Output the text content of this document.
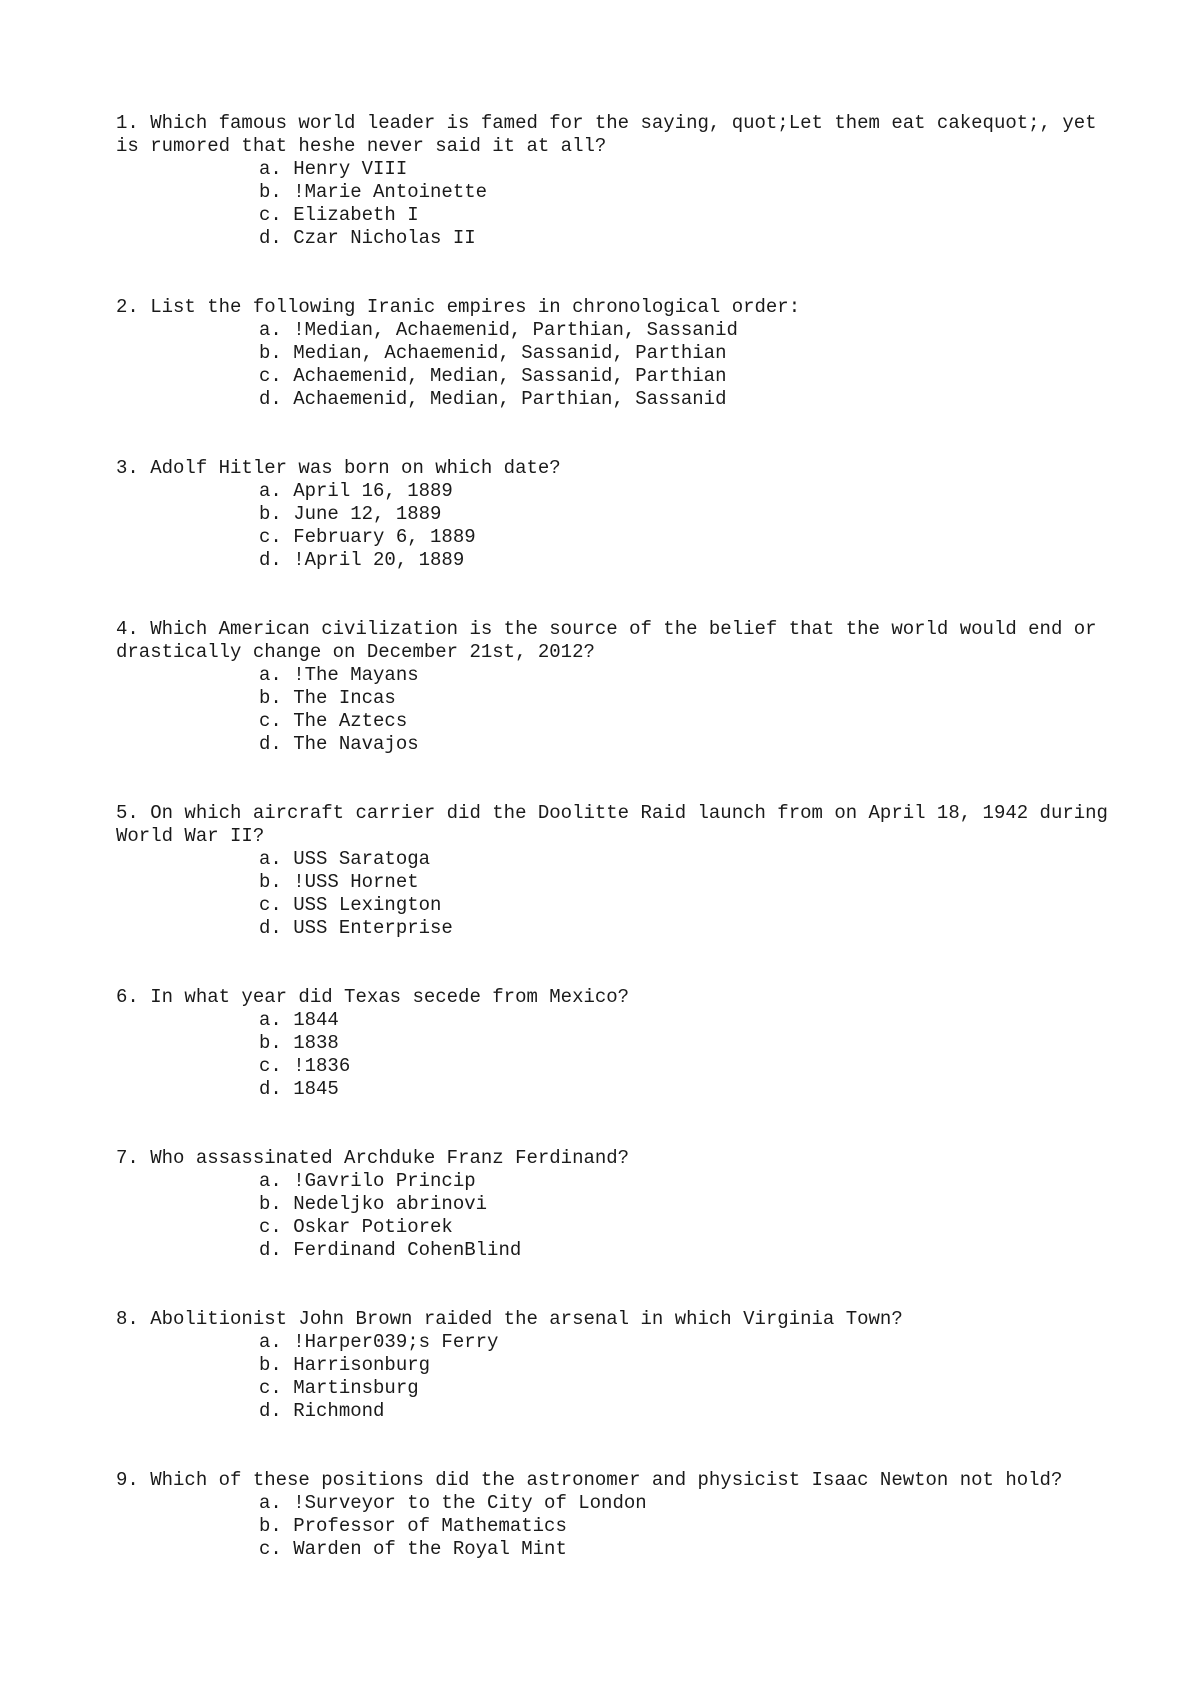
1. Which famous world leader is famed for the saying, quot;Let them eat cakequot;, yet is rumored that heshe never said it at all?

a. Henry VIII
b. !Marie Antoinette
c. Elizabeth I
d. Czar Nicholas II

2. List the following Iranic empires in chronological order:

a. !Median, Achaemenid, Parthian, Sassanid
b. Median, Achaemenid, Sassanid, Parthian
c. Achaemenid, Median, Sassanid, Parthian
d. Achaemenid, Median, Parthian, Sassanid

3. Adolf Hitler was born on which date?

a. April 16, 1889
b. June 12, 1889
c. February 6, 1889
d. !April 20, 1889

4. Which American civilization is the source of the belief that the world would end or drastically change on December 21st, 2012?

a. !The Mayans
b. The Incas
c. The Aztecs
d. The Navajos

5. On which aircraft carrier did the Doolitte Raid launch from on April 18, 1942 during World War II?

a. USS Saratoga
b. !USS Hornet
c. USS Lexington
d. USS Enterprise

6. In what year did Texas secede from Mexico?

a. 1844
b. 1838
c. !1836
d. 1845

7. Who assassinated Archduke Franz Ferdinand?

a. !Gavrilo Princip
b. Nedeljko abrinovi
c. Oskar Potiorek
d. Ferdinand CohenBlind

8. Abolitionist John Brown raided the arsenal in which Virginia Town?

a. !Harper039;s Ferry
b. Harrisonburg
c. Martinsburg
d. Richmond

9. Which of these positions did the astronomer and physicist Isaac Newton not hold?

a. !Surveyor to the City of London
b. Professor of Mathematics
c. Warden of the Royal Mint
